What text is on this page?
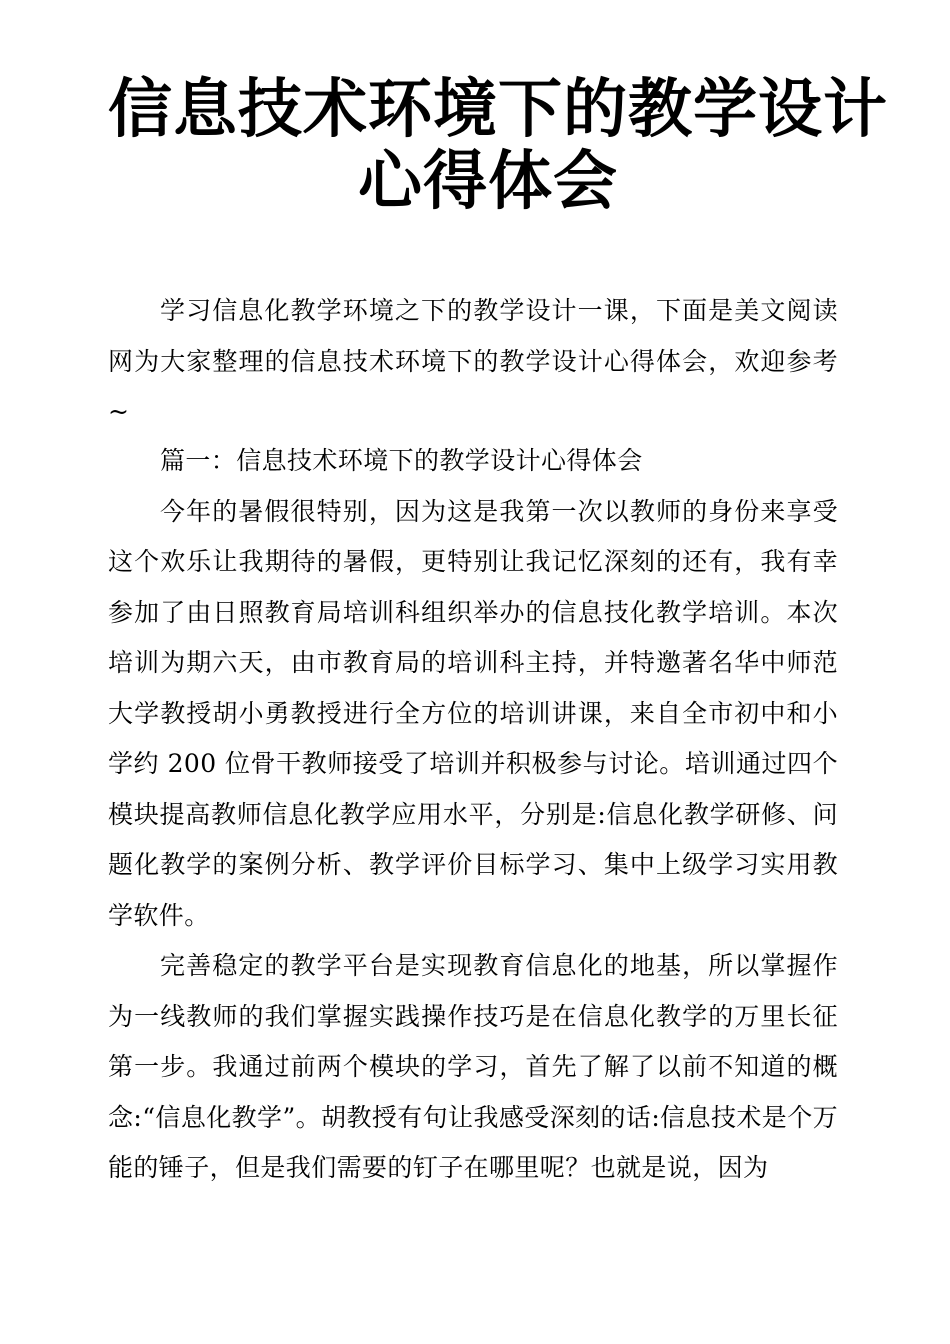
信息技术环境下的教学设计
心得体会

学习信息化教学环境之下的教学设计一课，下面是美文阅读网为大家整理的信息技术环境下的教学设计心得体会，欢迎参考~

篇一：信息技术环境下的教学设计心得体会

今年的暑假很特别，因为这是我第一次以教师的身份来享受这个欢乐让我期待的暑假，更特别让我记忆深刻的还有，我有幸参加了由日照教育局培训科组织举办的信息技化教学培训。本次培训为期六天，由市教育局的培训科主持，并特邀著名华中师范大学教授胡小勇教授进行全方位的培训讲课，来自全市初中和小学约 200 位骨干教师接受了培训并积极参与讨论。培训通过四个模块提高教师信息化教学应用水平，分别是:信息化教学研修、问题化教学的案例分析、教学评价目标学习、集中上级学习实用教学软件。

完善稳定的教学平台是实现教育信息化的地基，所以掌握作为一线教师的我们掌握实践操作技巧是在信息化教学的万里长征第一步。我通过前两个模块的学习，首先了解了以前不知道的概念:“信息化教学”。胡教授有句让我感受深刻的话:信息技术是个万能的锤子，但是我们需要的钉子在哪里呢？也就是说，因为
